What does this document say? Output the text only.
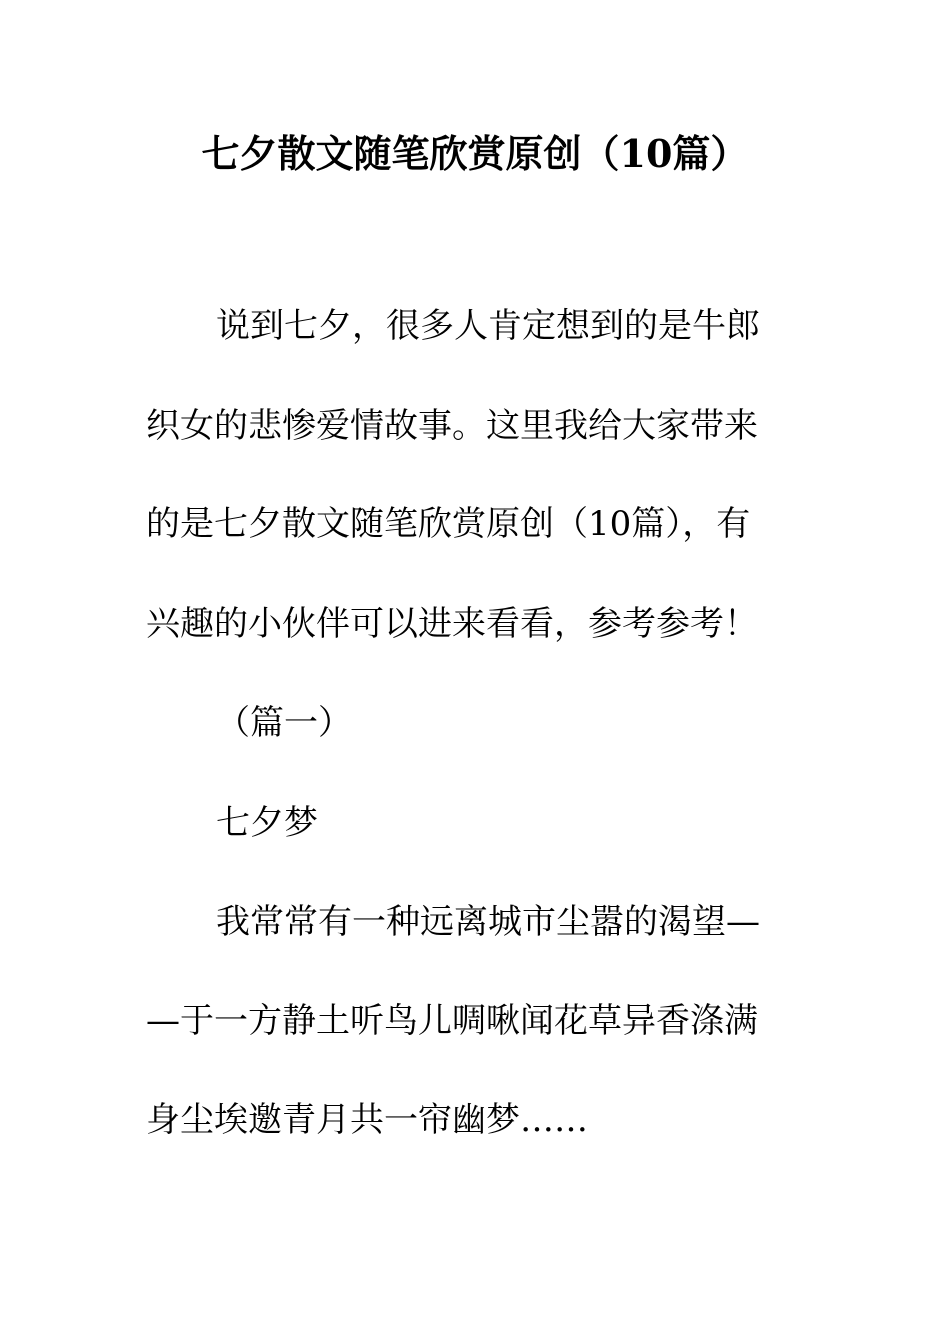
七夕散文随笔欣赏原创（10篇）
说到七夕，很多人肯定想到的是牛郎
织女的悲惨爱情故事。这里我给大家带来
的是七夕散文随笔欣赏原创（10篇），有
兴趣的小伙伴可以进来看看，参考参考！
（篇一）
七夕梦
我常常有一种远离城市尘嚣的渴望—
—于一方静土听鸟儿啁啾闻花草异香涤满
身尘埃邀青月共一帘幽梦……
